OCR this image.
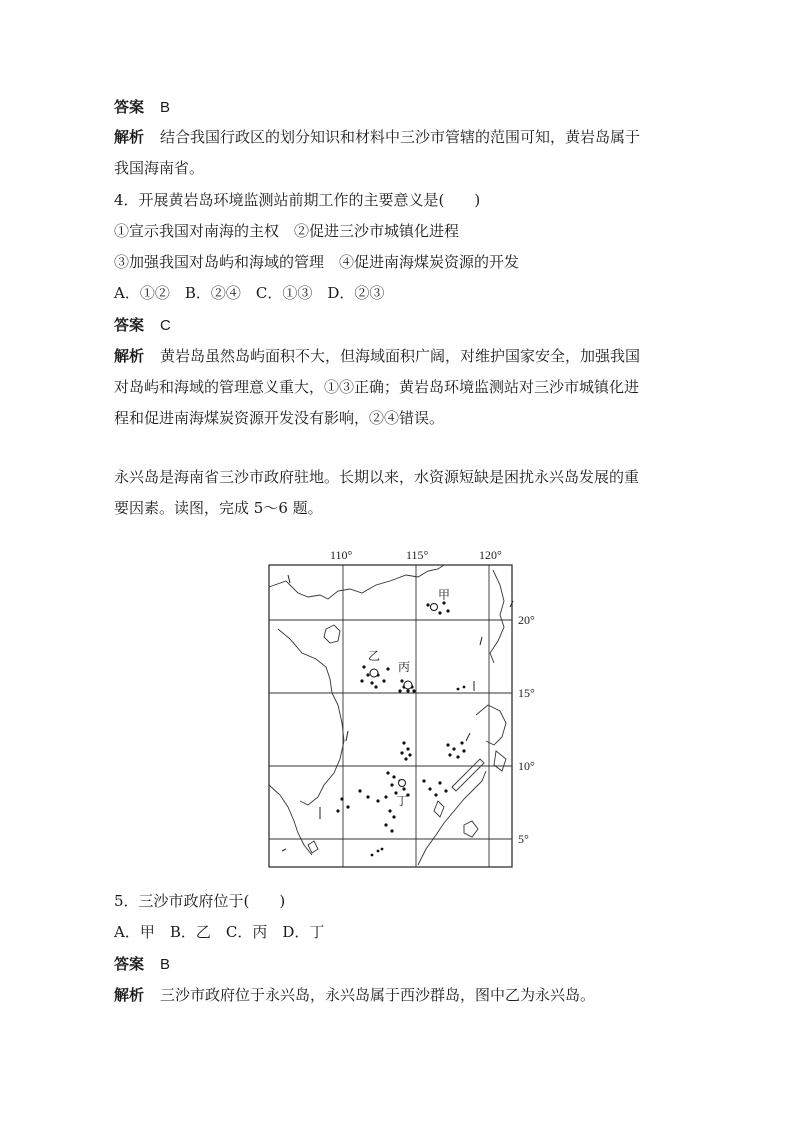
答案 B
解析 结合我国行政区的划分知识和材料中三沙市管辖的范围可知，黄岩岛属于
我国海南省。
4．开展黄岩岛环境监测站前期工作的主要意义是(　　)
①宣示我国对南海的主权　②促进三沙市城镇化进程
③加强我国对岛屿和海域的管理　④促进南海煤炭资源的开发
A．①②　B．②④　C．①③　D．②③
答案 C
解析 黄岩岛虽然岛屿面积不大，但海域面积广阔，对维护国家安全，加强我国
对岛屿和海域的管理意义重大，①③正确；黄岩岛环境监测站对三沙市城镇化进
程和促进南海煤炭资源开发没有影响，②④错误。
永兴岛是海南省三沙市政府驻地。长期以来，水资源短缺是困扰永兴岛发展的重
要因素。读图，完成 5～6 题。
110°	115°	120°
20°
15°
10°
5°
甲
乙
丙
丁
5．三沙市政府位于(　　)
A．甲　B．乙　C．丙　D．丁
答案 B
解析 三沙市政府位于永兴岛，永兴岛属于西沙群岛，图中乙为永兴岛。
